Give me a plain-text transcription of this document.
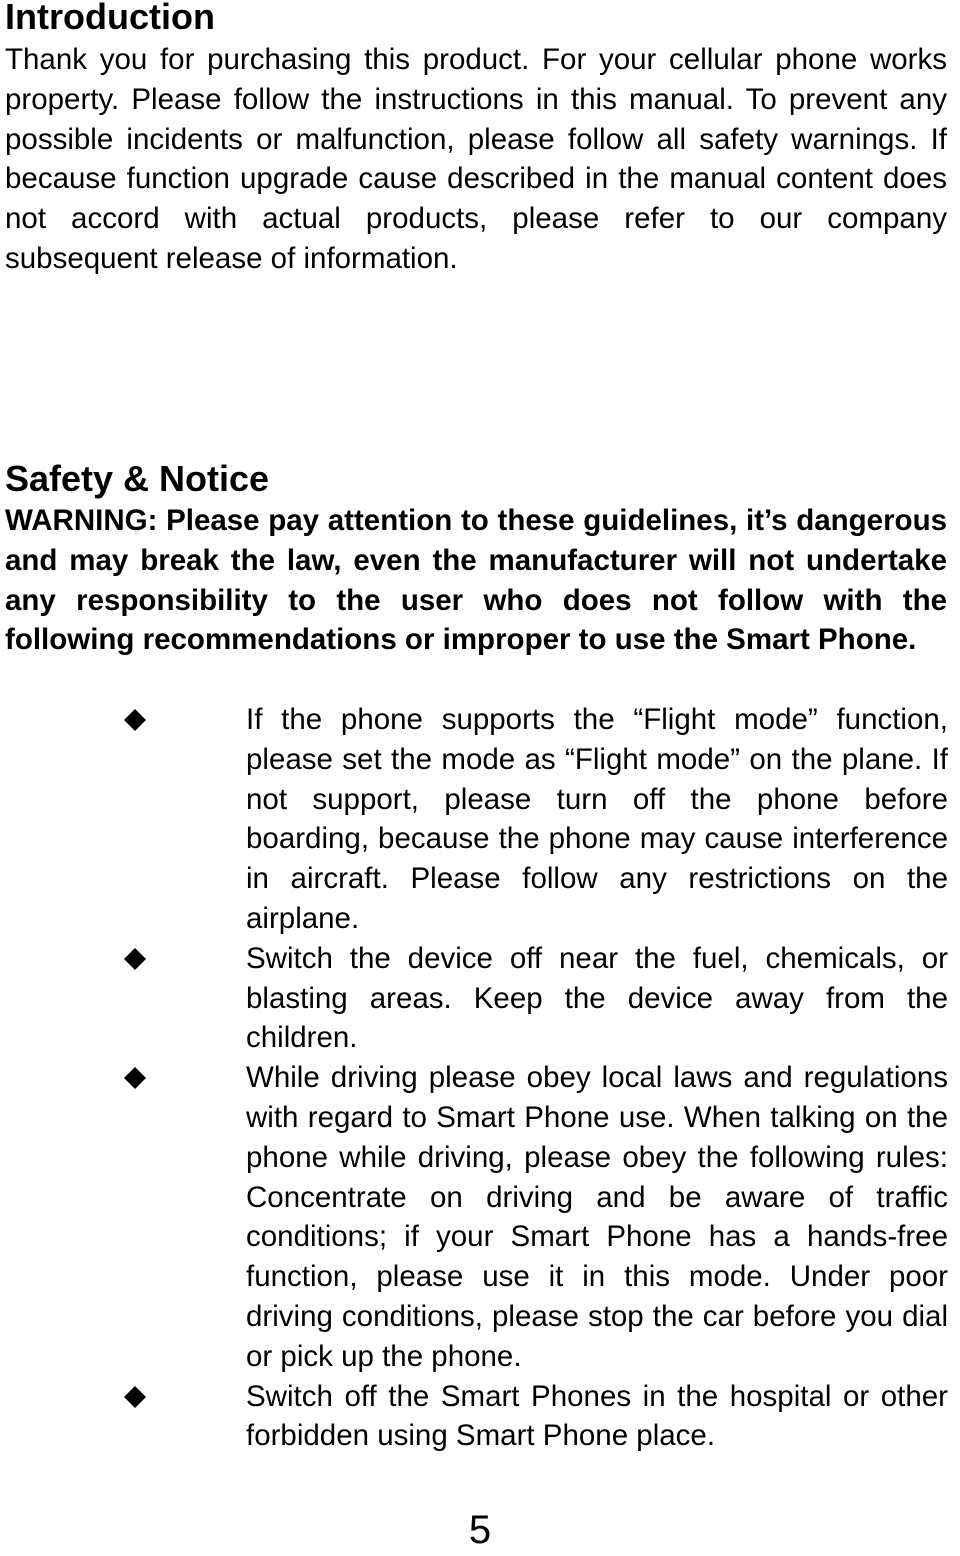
Introduction

Thank you for purchasing this product. For your cellular phone works property. Please follow the instructions in this manual. To prevent any possible incidents or malfunction, please follow all safety warnings. If because function upgrade cause described in the manual content does not accord with actual products, please refer to our company subsequent release of information.

Safety & Notice

WARNING: Please pay attention to these guidelines, it’s dangerous and may break the law, even the manufacturer will not undertake any responsibility to the user who does not follow with the following recommendations or improper to use the Smart Phone.

If the phone supports the “Flight mode” function, please set the mode as “Flight mode” on the plane. If not support, please turn off the phone before boarding, because the phone may cause interference in aircraft. Please follow any restrictions on the airplane.
Switch the device off near the fuel, chemicals, or blasting areas. Keep the device away from the children.
While driving please obey local laws and regulations with regard to Smart Phone use. When talking on the phone while driving, please obey the following rules: Concentrate on driving and be aware of traffic conditions; if your Smart Phone has a hands-free function, please use it in this mode. Under poor driving conditions, please stop the car before you dial or pick up the phone.
Switch off the Smart Phones in the hospital or other forbidden using Smart Phone place.
5
